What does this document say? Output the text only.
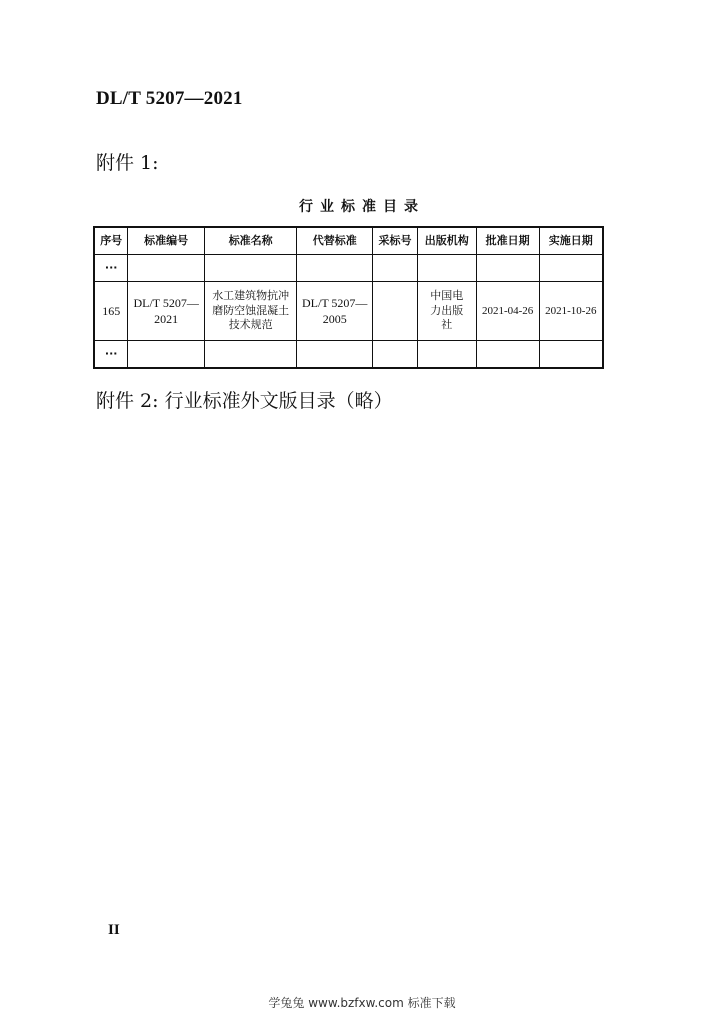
DL/T 5207—2021
附件 1:
行业标准目录
序号	标准编号	标准名称	代替标准	采标号	出版机构	批准日期	实施日期
···							
165	DL/T 5207—2021	水工建筑物抗冲磨防空蚀混凝土技术规范	DL/T 5207—2005		中国电力出版社	2021-04-26	2021-10-26
···							
附件 2: 行业标准外文版目录（略）
II
学兔兔 www.bzfxw.com 标准下载
